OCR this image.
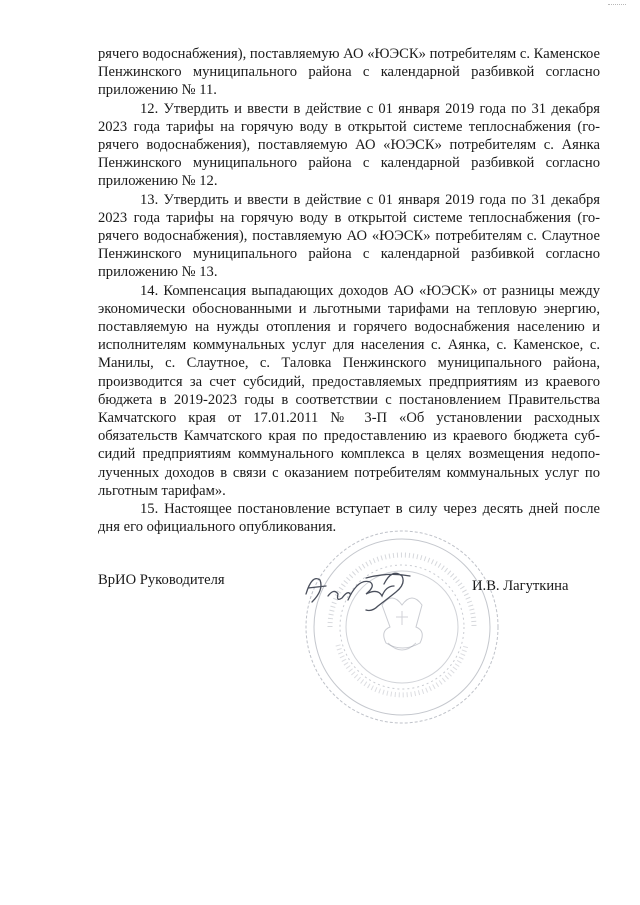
рячего водоснабжения), поставляемую АО «ЮЭСК» потребителям с. Каменское Пенжинского муниципального района с календарной разбивкой согласно приложению № 11.

12. Утвердить и ввести в действие с 01 января 2019 года по 31 декабря 2023 года тарифы на горячую воду в открытой системе теплоснабжения (горячего водоснабжения), поставляемую АО «ЮЭСК» потребителям с. Аянка Пенжинского муниципального района с календарной разбивкой согласно приложению № 12.

13. Утвердить и ввести в действие с 01 января 2019 года по 31 декабря 2023 года тарифы на горячую воду в открытой системе теплоснабжения (горячего водоснабжения), поставляемую АО «ЮЭСК» потребителям с. Слаутное Пенжинского муниципального района с календарной разбивкой согласно приложению № 13.

14. Компенсация выпадающих доходов АО «ЮЭСК» от разницы между экономически обоснованными и льготными тарифами на тепловую энергию, поставляемую на нужды отопления и горячего водоснабжения населению и исполнителям коммунальных услуг для населения с. Аянка, с. Каменское, с. Манилы, с. Слаутное, с. Таловка Пенжинского муниципального района, производится за счет субсидий, предоставляемых предприятиям из краевого бюджета в 2019-2023 годы в соответствии с постановлением Правительства Камчатского края от 17.01.2011 № 3-П «Об установлении расходных обязательств Камчатского края по предоставлению из краевого бюджета субсидий предприятиям коммунального комплекса в целях возмещения недополученных доходов в связи с оказанием потребителям коммунальных услуг по льготным тарифам».

15. Настоящее постановление вступает в силу через десять дней после дня его официального опубликования.

ВрИО Руководителя	И.В. Лагуткина
